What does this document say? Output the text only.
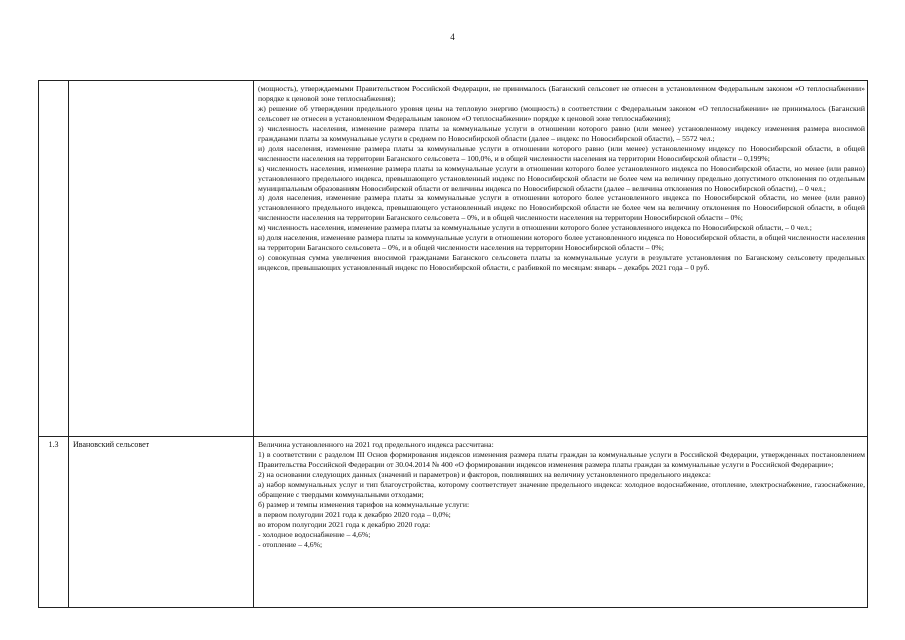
4

(мощность), утверждаемыми Правительством Российской Федерации, не принималось (Баганский сельсовет не отнесен в установленном Федеральным законом «О теплоснабжении» порядке к ценовой зоне теплоснабжения);

ж) решение об утверждении предельного уровня цены на тепловую энергию (мощность) в соответствии с Федеральным законом «О теплоснабжении» не принималось (Баганский сельсовет не отнесен в установленном Федеральным законом «О теплоснабжении» порядке к ценовой зоне теплоснабжения);

з) численность населения, изменение размера платы за коммунальные услуги в отношении которого равно (или менее) установленному индексу изменения размера вносимой гражданами платы за коммунальные услуги в среднем по Новосибирской области (далее – индекс по Новосибирской области), – 5572 чел.;

и) доля населения, изменение размера платы за коммунальные услуги в отношении которого равно (или менее) установленному индексу по Новосибирской области, в общей численности населения на территории Баганского сельсовета – 100,0%, и в общей численности населения на территории Новосибирской области – 0,199%;

к) численность населения, изменение размера платы за коммунальные услуги в отношении которого более установленного индекса по Новосибирской области, но менее (или равно) установленного предельного индекса, превышающего установленный индекс по Новосибирской области не более чем на величину предельно допустимого отклонения по отдельным муниципальным образованиям Новосибирской области от величины индекса по Новосибирской области (далее – величина отклонения по Новосибирской области), – 0 чел.;

л) доля населения, изменение размера платы за коммунальные услуги в отношении которого более установленного индекса по Новосибирской области, но менее (или равно) установленного предельного индекса, превышающего установленный индекс по Новосибирской области не более чем на величину отклонения по Новосибирской области, в общей численности населения на территории Баганского сельсовета – 0%, и в общей численности населения на территории Новосибирской области – 0%;

м) численность населения, изменение размера платы за коммунальные услуги в отношении которого более установленного индекса по Новосибирской области, – 0 чел.;

н) доля населения, изменение размера платы за коммунальные услуги в отношении которого более установленного индекса по Новосибирской области, в общей численности населения на территории Баганского сельсовета – 0%, и в общей численности населения на территории Новосибирской области – 0%;

о) совокупная сумма увеличения вносимой гражданами Баганского сельсовета платы за коммунальные услуги в результате установления по Баганскому сельсовету предельных индексов, превышающих установленный индекс по Новосибирской области, с разбивкой по месяцам: январь – декабрь 2021 года – 0 руб.

1.3	Ивановский сельсовет	Величина установленного на 2021 год предельного индекса рассчитана:

1) в соответствии с разделом III Основ формирования индексов изменения размера платы граждан за коммунальные услуги в Российской Федерации, утвержденных постановлением Правительства Российской Федерации от 30.04.2014 № 400 «О формировании индексов изменения размера платы граждан за коммунальные услуги в Российской Федерации»;

2) на основании следующих данных (значений и параметров) и факторов, повлиявших на величину установленного предельного индекса:

а) набор коммунальных услуг и тип благоустройства, которому соответствует значение предельного индекса: холодное водоснабжение, отопление, электроснабжение, газоснабжение, обращение с твердыми коммунальными отходами;

б) размер и темпы изменения тарифов на коммунальные услуги:

в первом полугодии 2021 года к декабрю 2020 года – 0,0%;

во втором полугодии 2021 года к декабрю 2020 года:

- холодное водоснабжение – 4,6%;

- отопление – 4,6%;
